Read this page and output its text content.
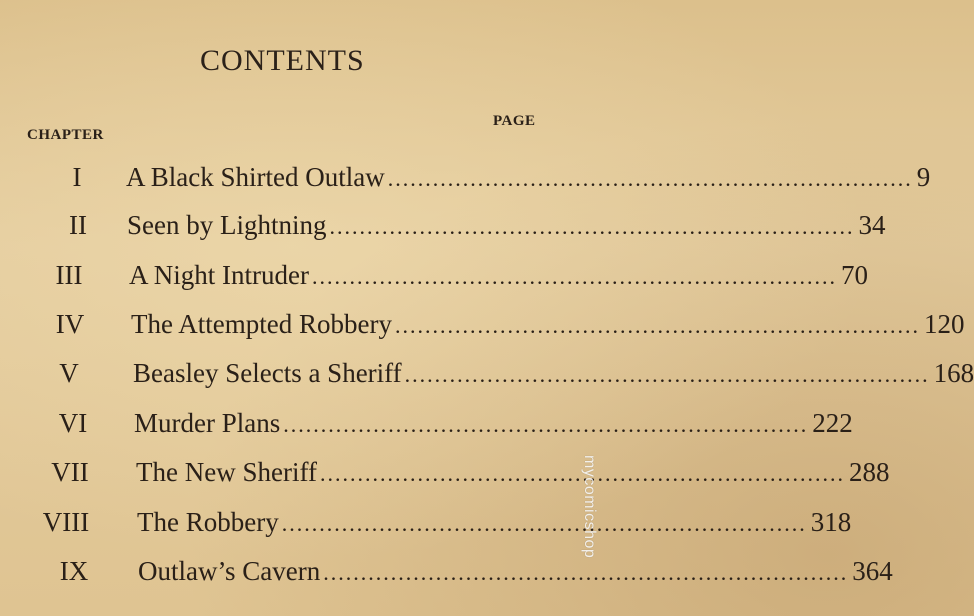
CONTENTS
CHAPTER
PAGE
I	A Black Shirted Outlaw ...................................................................... 9
II	Seen by Lightning ...................................................................... 34
III	A Night Intruder ...................................................................... 70
IV	The Attempted Robbery ...................................................................... 120
V	Beasley Selects a Sheriff ...................................................................... 168
VI	Murder Plans ...................................................................... 222
VII	The New Sheriff ...................................................................... 288
VIII	The Robbery ...................................................................... 318
IX	Outlaw’s Cavern ...................................................................... 364
mycomicshop
